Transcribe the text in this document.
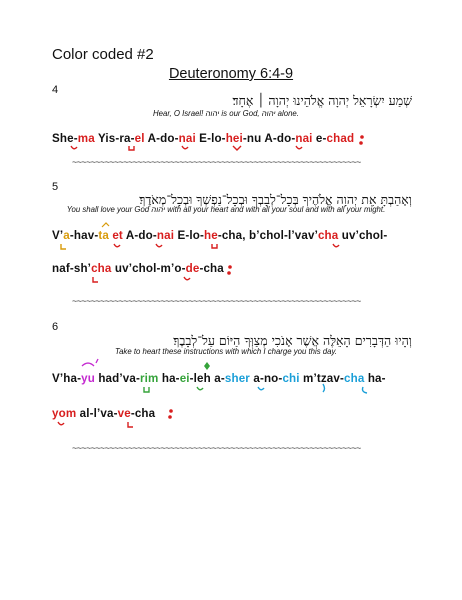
Color coded #2
Deuteronomy 6:4-9
4
שְׁמַע יִשְׂרָאֵל יְהוָה אֱלֹהֵינוּ יְהוָה ׀ אֶחָד׃
Hear, O Israel! יהוה is our God, יהוה alone.
She-ma Yis-ra-el A-do-nai E-lo-hei-nu A-do-nai e-chad
~~~~~~~~~~~~~~~~~~~~~~~~~~~~~~~~~~~~~~~~~~~~~~~~~~~~~~~~~~~~~~
5
וְאָהַבְתָּ אֵת יְהוָה אֱלֹהֶיךָ בְּכָל־לְבָבְךָ וּבְכָל־נַפְשְׁךָ וּבְכָל־מְאֹדֶךָ׃
You shall love your God יהוה with all your heart and with all your soul and with all your might.
V’a-hav-ta et A-do-nai E-lo-he-cha, b’chol-l’vav’cha uv’chol-
naf-sh’cha uv’chol-m’o-de-cha
~~~~~~~~~~~~~~~~~~~~~~~~~~~~~~~~~~~~~~~~~~~~~~~~~~~~~~~~~~~~~~
6
וְהָיוּ הַדְּבָרִים הָאֵלֶּה אֲשֶׁר אָנֹכִי מְצַוְּךָ הַיּוֹם עַל־לְבָבֶךָ׃
Take to heart these instructions with which I charge you this day.
V’ha-yu had’va-rim ha-ei-leh a-sher a-no-chi m’tzav-cha ha-
yom al-l’va-ve-cha
~~~~~~~~~~~~~~~~~~~~~~~~~~~~~~~~~~~~~~~~~~~~~~~~~~~~~~~~~~~~~~
